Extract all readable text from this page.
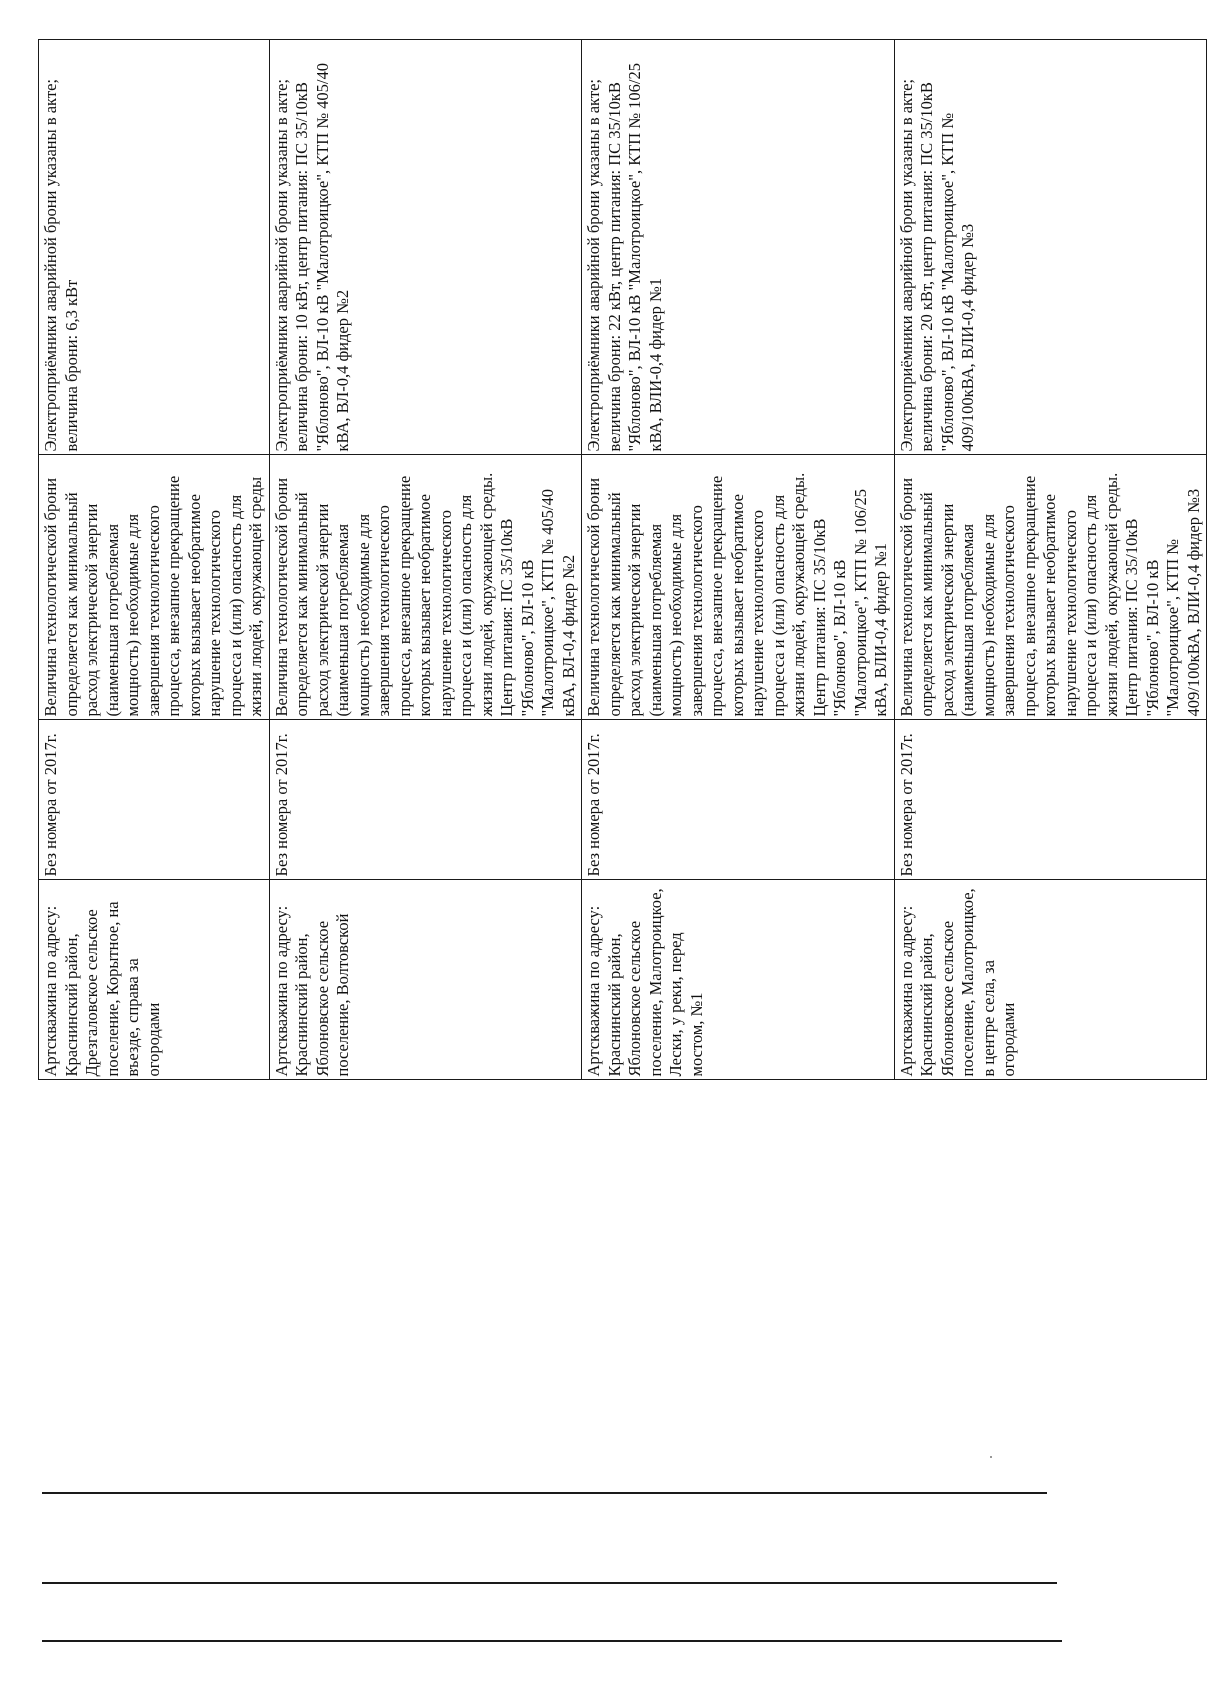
	Артскважина по адресу: Краснинский район, Дрезгаловское сельское поселение, Корытное, на въезде, справа за огородами	Без номера от 2017г.	Величина технологической брони определяется как минимальный расход электрической энергии (наименьшая потребляемая мощность) необходимые для завершения технологического процесса, внезапное прекращение которых вызывает необратимое нарушение технологического процесса и (или) опасность для жизни людей, окружающей среды	Электроприёмники аварийной брони указаны в акте; величина брони: 6,3 кВт

	Артскважина по адресу: Краснинский район, Яблоновское сельское поселение, Волтовской	Без номера от 2017г.	Величина технологической брони определяется как минимальный расход электрической энергии (наименьшая потребляемая мощность) необходимые для завершения технологического процесса, внезапное прекращение которых вызывает необратимое нарушение технологического процесса и (или) опасность для жизни людей, окружающей среды. Центр питания: ПС 35/10кВ "Яблоново", ВЛ-10 кВ "Малотроицкое", КТП № 405/40 кВА, ВЛ-0,4 фидер №2	Электроприёмники аварийной брони указаны в акте; величина брони: 10 кВт, центр питания: ПС 35/10кВ "Яблоново", ВЛ-10 кВ "Малотроицкое", КТП № 405/40 кВА, ВЛ-0,4 фидер №2

	Артскважина по адресу: Краснинский район, Яблоновское сельское поселение, Малотроицкое, Лески, у реки, перед мостом, №1	Без номера от 2017г.	Величина технологической брони определяется как минимальный расход электрической энергии (наименьшая потребляемая мощность) необходимые для завершения технологического процесса, внезапное прекращение которых вызывает необратимое нарушение технологического процесса и (или) опасность для жизни людей, окружающей среды. Центр питания: ПС 35/10кВ "Яблоново", ВЛ-10 кВ "Малотроицкое", КТП № 106/25 кВА, ВЛИ-0,4 фидер №1	Электроприёмники аварийной брони указаны в акте; величина брони: 22 кВт, центр питания: ПС 35/10кВ "Яблоново", ВЛ-10 кВ "Малотроицкое", КТП № 106/25 кВА, ВЛИ-0,4 фидер №1

	Артскважина по адресу: Краснинский район, Яблоновское сельское поселение, Малотроицкое, в центре села, за огородами	Без номера от 2017г.	Величина технологической брони определяется как минимальный расход электрической энергии (наименьшая потребляемая мощность) необходимые для завершения технологического процесса, внезапное прекращение которых вызывает необратимое нарушение технологического процесса и (или) опасность для жизни людей, окружающей среды. Центр питания: ПС 35/10кВ "Яблоново", ВЛ-10 кВ "Малотроицкое", КТП № 409/100кВА, ВЛИ-0,4 фидер №3	Электроприёмники аварийной брони указаны в акте; величина брони: 20 кВт, центр питания: ПС 35/10кВ "Яблоново", ВЛ-10 кВ "Малотроицкое", КТП № 409/100кВА, ВЛИ-0,4 фидер №3
